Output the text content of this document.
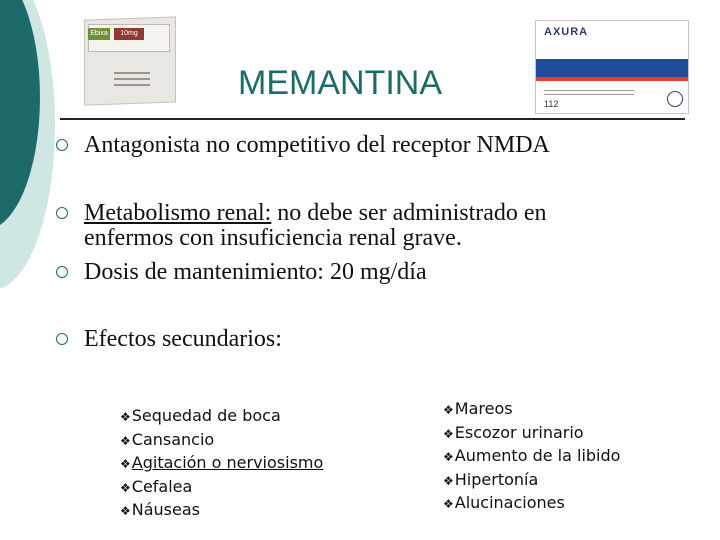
Ebixa	10mg	AXURA
112
MEMANTINA
Antagonista no competitivo del receptor NMDA
Metabolismo renal: no debe ser administrado en
enfermos con insuficiencia renal grave.
Dosis de mantenimiento: 20 mg/día
Efectos secundarios:
❖Sequedad de boca
❖Cansancio
❖Agitación o nerviosismo
❖Cefalea
❖Náuseas
❖Mareos
❖Escozor urinario
❖Aumento de la libido
❖Hipertonía
❖Alucinaciones
